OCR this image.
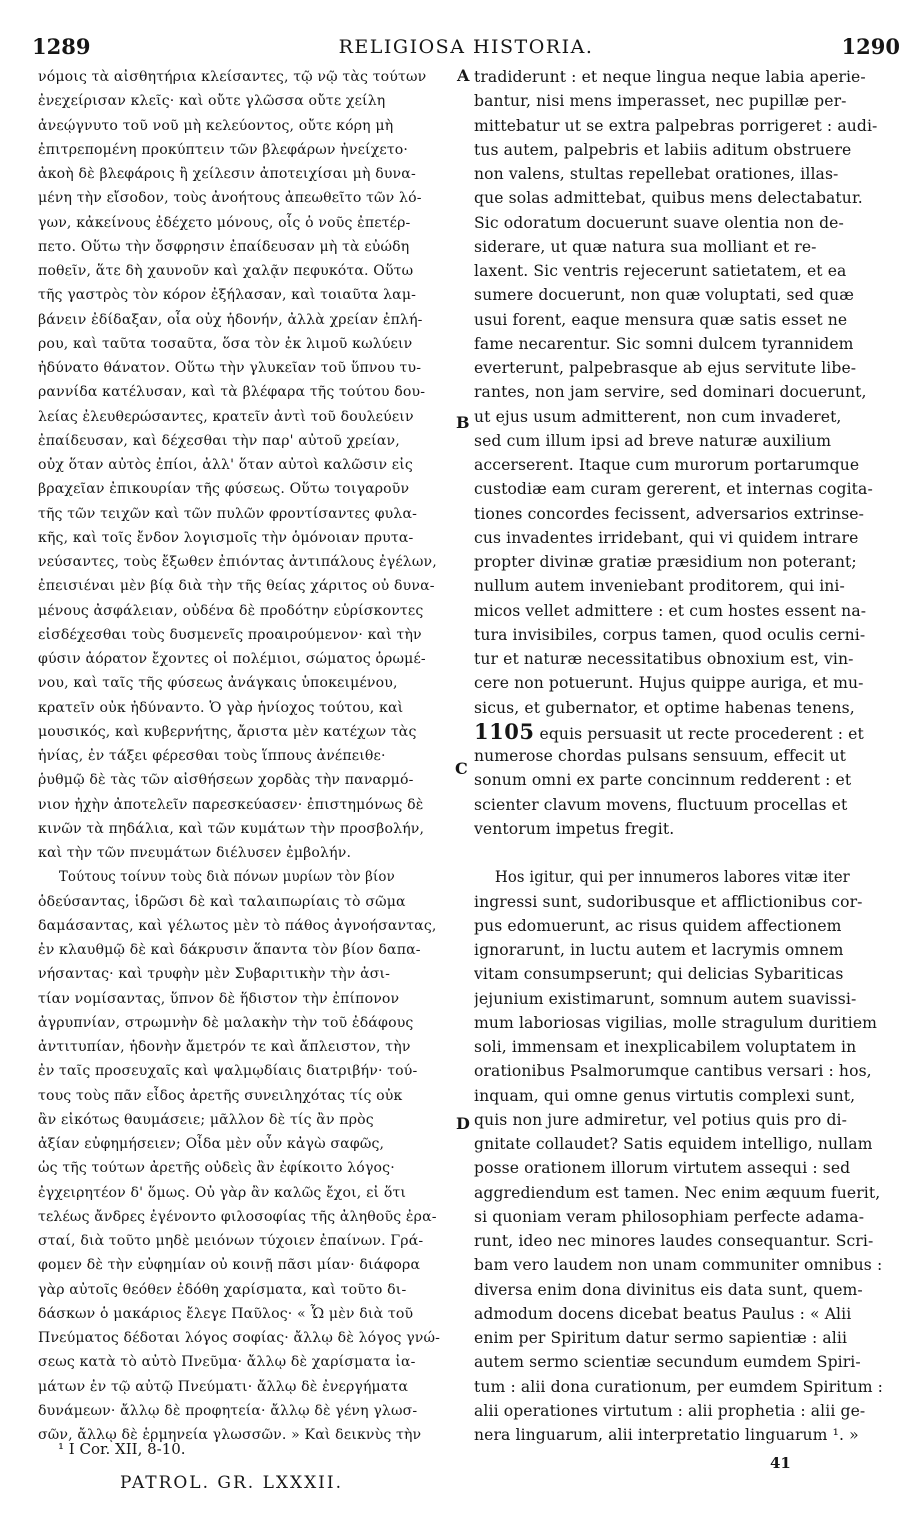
1289	RELIGIOSA HISTORIA.	1290
νόμοις τὰ αἰσθητήρια κλείσαντες, τῷ νῷ τὰς τούτων
ἐνεχείρισαν κλεῖς· καὶ οὔτε γλῶσσα οὔτε χείλη
ἀνεῴγνυτο τοῦ νοῦ μὴ κελεύοντος, οὔτε κόρη μὴ
ἐπιτρεπομένη προκύπτειν τῶν βλεφάρων ἠνείχετο·
ἀκοὴ δὲ βλεφάροις ἢ χείλεσιν ἀποτειχίσαι μὴ δυνα-
μένη τὴν εἴσοδον, τοὺς ἀνοήτους ἀπεωθεῖτο τῶν λό-
γων, κἀκείνους ἐδέχετο μόνους, οἷς ὁ νοῦς ἐπετέρ-
πετο. Οὕτω τὴν ὄσφρησιν ἐπαίδευσαν μὴ τὰ εὐώδη
ποθεῖν, ἅτε δὴ χαυνοῦν καὶ χαλᾷν πεφυκότα. Οὕτω
τῆς γαστρὸς τὸν κόρον ἐξήλασαν, καὶ τοιαῦτα λαμ-
βάνειν ἐδίδαξαν, οἷα οὐχ ἡδονήν, ἀλλὰ χρείαν ἐπλή-
ρου, καὶ ταῦτα τοσαῦτα, ὅσα τὸν ἐκ λιμοῦ κωλύειν
ἠδύνατο θάνατον. Οὕτω τὴν γλυκεῖαν τοῦ ὕπνου τυ-
ραννίδα κατέλυσαν, καὶ τὰ βλέφαρα τῆς τούτου δου-
λείας ἐλευθερώσαντες, κρατεῖν ἀντὶ τοῦ δουλεύειν
ἐπαίδευσαν, καὶ δέχεσθαι τὴν παρ' αὐτοῦ χρείαν,
οὐχ ὅταν αὐτὸς ἐπίοι, ἀλλ' ὅταν αὐτοὶ καλῶσιν εἰς
βραχεῖαν ἐπικουρίαν τῆς φύσεως. Οὕτω τοιγαροῦν
τῆς τῶν τειχῶν καὶ τῶν πυλῶν φροντίσαντες φυλα-
κῆς, καὶ τοῖς ἔνδον λογισμοῖς τὴν ὁμόνοιαν πρυτα-
νεύσαντες, τοὺς ἔξωθεν ἐπιόντας ἀντιπάλους ἐγέλων,
ἐπεισιέναι μὲν βίᾳ διὰ τὴν τῆς θείας χάριτος οὐ δυνα-
μένους ἀσφάλειαν, οὐδένα δὲ προδότην εὑρίσκοντες
εἰσδέχεσθαι τοὺς δυσμενεῖς προαιρούμενον· καὶ τὴν
φύσιν ἀόρατον ἔχοντες οἱ πολέμιοι, σώματος ὁρωμέ-
νου, καὶ ταῖς τῆς φύσεως ἀνάγκαις ὑποκειμένου,
κρατεῖν οὐκ ἠδύναντο. Ὁ γὰρ ἡνίοχος τούτου, καὶ
μουσικός, καὶ κυβερνήτης, ἄριστα μὲν κατέχων τὰς
ἡνίας, ἐν τάξει φέρεσθαι τοὺς ἵππους ἀνέπειθε·
ῥυθμῷ δὲ τὰς τῶν αἰσθήσεων χορδὰς τὴν παναρμό-
νιον ἠχὴν ἀποτελεῖν παρεσκεύασεν· ἐπιστημόνως δὲ
κινῶν τὰ πηδάλια, καὶ τῶν κυμάτων τὴν προσβολήν,
καὶ τὴν τῶν πνευμάτων διέλυσεν ἐμβολήν.
Τούτους τοίνυν τοὺς διὰ πόνων μυρίων τὸν βίον
ὁδεύσαντας, ἱδρῶσι δὲ καὶ ταλαιπωρίαις τὸ σῶμα
δαμάσαντας, καὶ γέλωτος μὲν τὸ πάθος ἀγνοήσαντας,
ἐν κλαυθμῷ δὲ καὶ δάκρυσιν ἅπαντα τὸν βίον δαπα-
νήσαντας· καὶ τρυφὴν μὲν Συβαριτικὴν τὴν ἀσι-
τίαν νομίσαντας, ὕπνον δὲ ἥδιστον τὴν ἐπίπονον
ἀγρυπνίαν, στρωμνὴν δὲ μαλακὴν τὴν τοῦ ἐδάφους
ἀντιτυπίαν, ἡδονὴν ἄμετρόν τε καὶ ἄπλειστον, τὴν
ἐν ταῖς προσευχαῖς καὶ ψαλμῳδίαις διατριβήν· τού-
τους τοὺς πᾶν εἶδος ἀρετῆς συνειληχότας τίς οὐκ
ἂν εἰκότως θαυμάσειε; μᾶλλον δὲ τίς ἂν πρὸς
ἀξίαν εὐφημήσειεν; Οἶδα μὲν οὖν κἀγὼ σαφῶς,
ὡς τῆς τούτων ἀρετῆς οὐδεὶς ἂν ἐφίκοιτο λόγος·
ἐγχειρητέον δ' ὅμως. Οὐ γὰρ ἂν καλῶς ἔχοι, εἰ ὅτι
τελέως ἄνδρες ἐγένοντο φιλοσοφίας τῆς ἀληθοῦς ἐρα-
σταί, διὰ τοῦτο μηδὲ μειόνων τύχοιεν ἐπαίνων. Γρά-
φομεν δὲ τὴν εὐφημίαν οὐ κοινῇ πᾶσι μίαν· διάφορα
γὰρ αὐτοῖς θεόθεν ἐδόθη χαρίσματα, καὶ τοῦτο δι-
δάσκων ὁ μακάριος ἔλεγε Παῦλος· « Ὧ μὲν διὰ τοῦ
Πνεύματος δέδοται λόγος σοφίας· ἄλλῳ δὲ λόγος γνώ-
σεως κατὰ τὸ αὐτὸ Πνεῦμα· ἄλλῳ δὲ χαρίσματα ἰα-
μάτων ἐν τῷ αὐτῷ Πνεύματι· ἄλλῳ δὲ ἐνεργήματα
δυνάμεων· ἄλλῳ δὲ προφητεία· ἄλλῳ δὲ γένη γλωσ-
σῶν, ἄλλῳ δὲ ἑρμηνεία γλωσσῶν. » Καὶ δεικνὺς τὴν
tradiderunt : et neque lingua neque labia aperie-
bantur, nisi mens imperasset, nec pupillæ per-
mittebatur ut se extra palpebras porrigeret : audi-
tus autem, palpebris et labiis aditum obstruere
non valens, stultas repellebat orationes, illas-
que solas admittebat, quibus mens delectabatur.
Sic odoratum docuerunt suave olentia non de-
siderare, ut quæ natura sua molliant et re-
laxent. Sic ventris rejecerunt satietatem, et ea
sumere docuerunt, non quæ voluptati, sed quæ
usui forent, eaque mensura quæ satis esset ne
fame necarentur. Sic somni dulcem tyrannidem
everterunt, palpebrasque ab ejus servitute libe-
rantes, non jam servire, sed dominari docuerunt,
ut ejus usum admitterent, non cum invaderet,
sed cum illum ipsi ad breve naturæ auxilium
accerserent. Itaque cum murorum portarumque
custodiæ eam curam gererent, et internas cogita-
tiones concordes fecissent, adversarios extrinse-
cus invadentes irridebant, qui vi quidem intrare
propter divinæ gratiæ præsidium non poterant;
nullum autem inveniebant proditorem, qui ini-
micos vellet admittere : et cum hostes essent na-
tura invisibiles, corpus tamen, quod oculis cerni-
tur et naturæ necessitatibus obnoxium est, vin-
cere non potuerunt. Hujus quippe auriga, et mu-
sicus, et gubernator, et optime habenas tenens,
1105 equis persuasit ut recte procederent : et
numerose chordas pulsans sensuum, effecit ut
sonum omni ex parte concinnum redderent : et
scienter clavum movens, fluctuum procellas et
ventorum impetus fregit.
Hos igitur, qui per innumeros labores vitæ iter
ingressi sunt, sudoribusque et afflictionibus cor-
pus edomuerunt, ac risus quidem affectionem
ignorarunt, in luctu autem et lacrymis omnem
vitam consumpserunt; qui delicias Sybariticas
jejunium existimarunt, somnum autem suavissi-
mum laboriosas vigilias, molle stragulum duritiem
soli, immensam et inexplicabilem voluptatem in
orationibus Psalmorumque cantibus versari : hos,
inquam, qui omne genus virtutis complexi sunt,
quis non jure admiretur, vel potius quis pro di-
gnitate collaudet? Satis equidem intelligo, nullam
posse orationem illorum virtutem assequi : sed
aggrediendum est tamen. Nec enim æquum fuerit,
si quoniam veram philosophiam perfecte adama-
runt, ideo nec minores laudes consequantur. Scri-
bam vero laudem non unam communiter omnibus :
diversa enim dona divinitus eis data sunt, quem-
admodum docens dicebat beatus Paulus : « Alii
enim per Spiritum datur sermo sapientiæ : alii
autem sermo scientiæ secundum eumdem Spiri-
tum : alii dona curationum, per eumdem Spiritum :
alii operationes virtutum : alii prophetia : alii ge-
nera linguarum, alii interpretatio linguarum ¹. »
A
B
C
D
¹ I Cor. XII, 8-10.
PATROL. GR. LXXXII.
41
